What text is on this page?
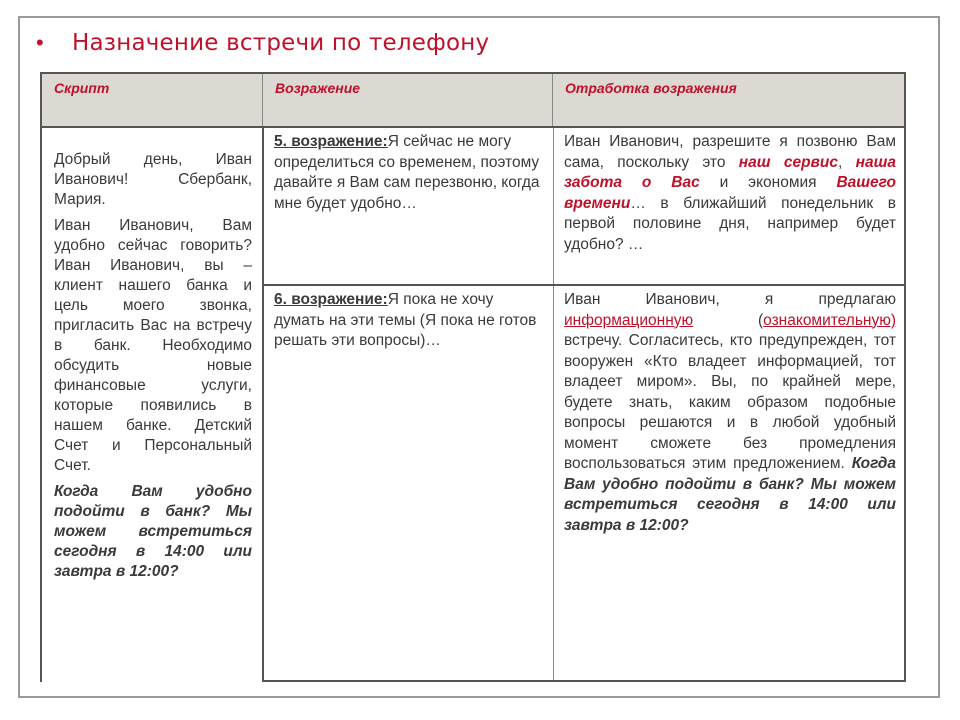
• Назначение встречи по телефону
Скрипт	Возражение	Отработка возражения

Добрый день, Иван Иванович! Сбербанк, Мария.

Иван Иванович, Вам удобно сейчас говорить? Иван Иванович, вы – клиент нашего банка и цель моего звонка, пригласить Вас на встречу в банк. Необходимо обсудить новые финансовые услуги, которые появились в нашем банке. Детский Счет и Персональный Счет.

Когда Вам удобно подойти в банк? Мы можем встретиться сегодня в 14:00 или завтра в 12:00?

5. возражение:Я сейчас не могу определиться со временем, поэтому давайте я Вам сам перезвоню, когда мне будет удобно…
Иван Иванович, разрешите я позвоню Вам сама, поскольку это наш сервис, наша забота о Вас и экономия Вашего времени… в ближайший понедельник в первой половине дня, например будет удобно? …
6. возражение:Я пока не хочу думать на эти темы (Я пока не готов решать эти вопросы)…
Иван Иванович, я предлагаю информационную (ознакомительную) встречу. Согласитесь, кто предупрежден, тот вооружен «Кто владеет информацией, тот владеет миром». Вы, по крайней мере, будете знать, каким образом подобные вопросы решаются и в любой удобный момент сможете без промедления воспользоваться этим предложением. Когда Вам удобно подойти в банк? Мы можем встретиться сегодня в 14:00 или завтра в 12:00?
